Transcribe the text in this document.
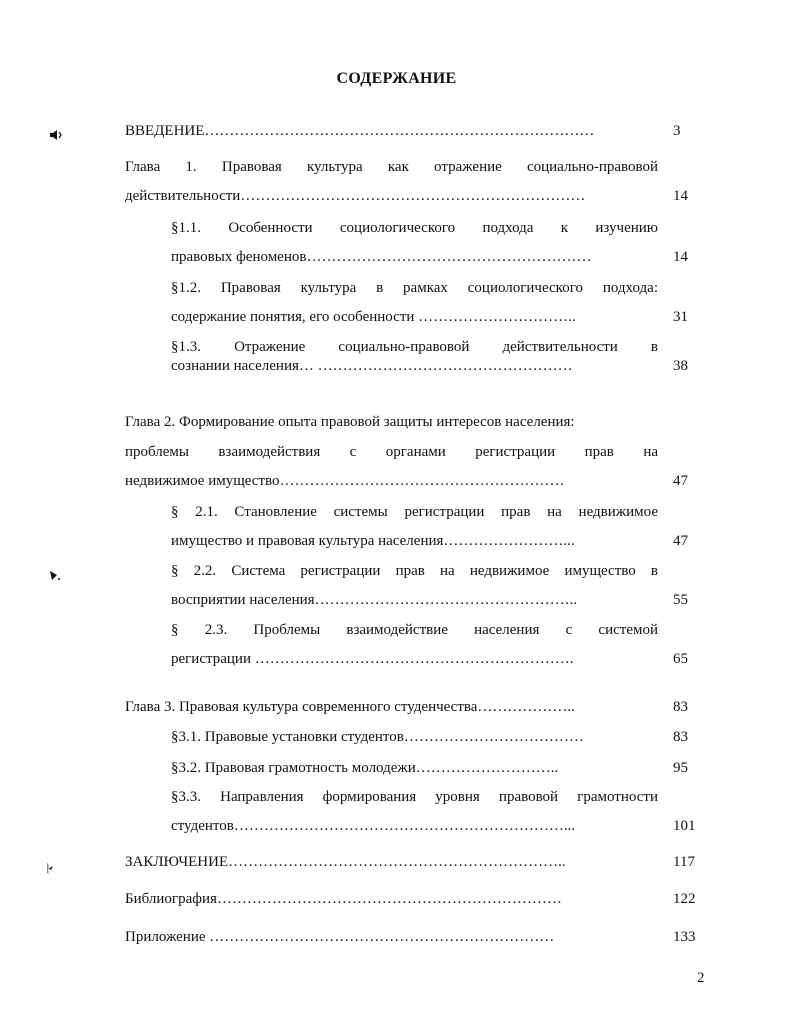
СОДЕРЖАНИЕ
ВВЕДЕНИЕ……………………………………………………………………	3
Глава 1. Правовая культура как отражение социально-правовой
действительности……………………………………………………………	14
§1.1. Особенности социологического подхода к изучению
правовых феноменов…………………………………………………	14
§1.2. Правовая культура в рамках социологического подхода:
содержание понятия, его особенности …………………………..	31
§1.3. Отражение социально-правовой действительности в
сознании населения… ……………………………………………	38
Глава 2. Формирование опыта правовой защиты интересов населения:
проблемы взаимодействия с органами регистрации прав на
недвижимое имущество…………………………………………………	47
§ 2.1. Становление системы регистрации прав на недвижимое
имущество и правовая культура населения……………………...	47
§ 2.2. Система регистрации прав на недвижимое имущество в
восприятии населения……………………………………………..	55
§ 2.3. Проблемы взаимодействие населения с системой
регистрации ……………………………………………………….	65
Глава 3. Правовая культура современного студенчества………………..	83
§3.1. Правовые установки студентов………………………………	83
§3.2. Правовая грамотность молодежи………………………..	95
§3.3. Направления формирования уровня правовой грамотности
студентов…………………………………………………………...	101
ЗАКЛЮЧЕНИЕ…………………………………………………………..	117
Библиография……………………………………………………………	122
Приложение ……………………………………………………………	133
2
